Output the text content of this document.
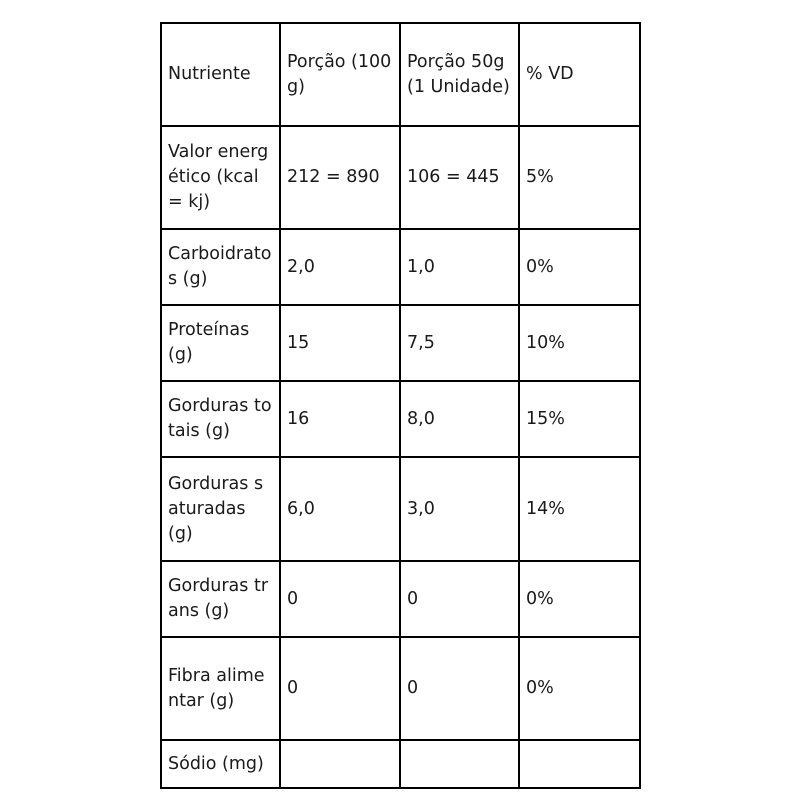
Nutriente	Porção (100g)	Porção 50g (1 Unidade)	% VD
Valor energético (kcal = kj)	212 = 890	106 = 445	5%
Carboidratos (g)	2,0	1,0	0%
Proteínas (g)	15	7,5	10%
Gorduras totais (g)	16	8,0	15%
Gorduras saturadas (g)	6,0	3,0	14%
Gorduras trans (g)	0	0	0%
Fibra alimentar (g)	0	0	0%
Sódio (mg)			
